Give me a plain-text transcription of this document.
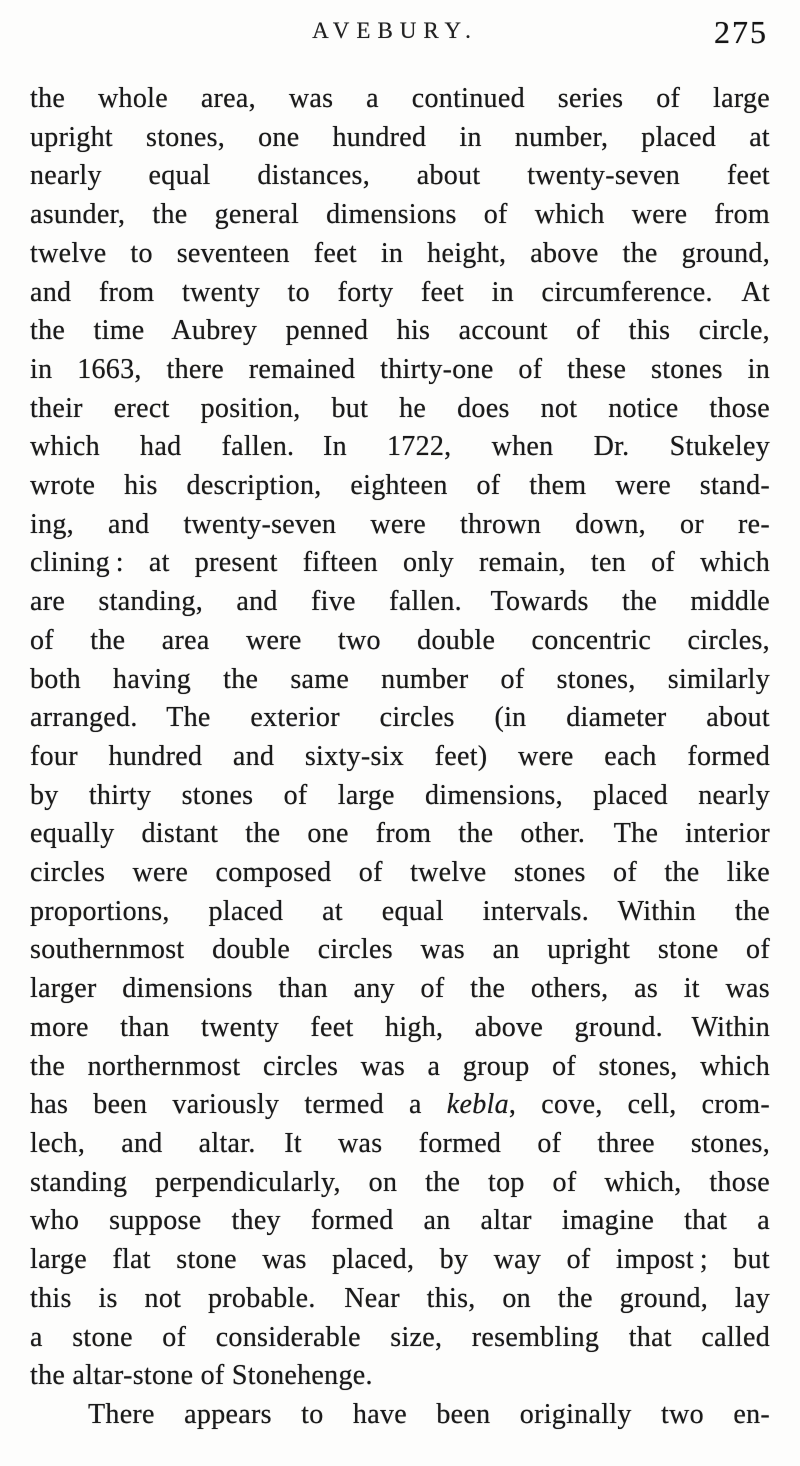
AVEBURY.	275
the whole area, was a continued series of large
upright stones, one hundred in number, placed at
nearly equal distances, about twenty-seven feet
asunder, the general dimensions of which were from
twelve to seventeen feet in height, above the ground,
and from twenty to forty feet in circumference.  At
the time Aubrey penned his account of this circle,
in 1663, there remained thirty-one of these stones in
their erect position, but he does not notice those
which had fallen.  In 1722, when Dr. Stukeley
wrote his description, eighteen of them were stand-
ing, and twenty-seven were thrown down, or re-
clining : at present fifteen only remain, ten of which
are standing, and five fallen.  Towards the middle
of the area were two double concentric circles,
both having the same number of stones, similarly
arranged.  The exterior circles (in diameter about
four hundred and sixty-six feet) were each formed
by thirty stones of large dimensions, placed nearly
equally distant the one from the other.  The interior
circles were composed of twelve stones of the like
proportions, placed at equal intervals.  Within the
southernmost double circles was an upright stone of
larger dimensions than any of the others, as it was
more than twenty feet high, above ground.  Within
the northernmost circles was a group of stones, which
has been variously termed a kebla, cove, cell, crom-
lech, and altar.  It was formed of three stones,
standing perpendicularly, on the top of which, those
who suppose they formed an altar imagine that a
large flat stone was placed, by way of impost ; but
this is not probable.  Near this, on the ground, lay
a stone of considerable size, resembling that called
the altar-stone of Stonehenge.
There appears to have been originally two en-
